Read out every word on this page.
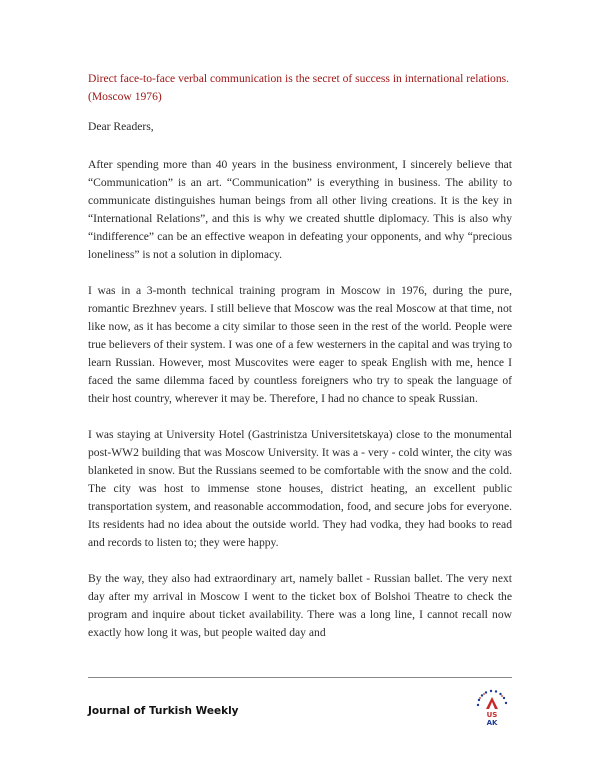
Direct face-to-face verbal communication is the secret of success in international relations. (Moscow 1976)

Dear Readers,

After spending more than 40 years in the business environment, I sincerely believe that “Communication” is an art. “Communication” is everything in business. The ability to communicate distinguishes human beings from all other living creations. It is the key in “International Relations”, and this is why we created shuttle diplomacy. This is also why “indifference” can be an effective weapon in defeating your opponents, and why “precious loneliness” is not a solution in diplomacy.

I was in a 3-month technical training program in Moscow in 1976, during the pure, romantic Brezhnev years. I still believe that Moscow was the real Moscow at that time, not like now, as it has become a city similar to those seen in the rest of the world. People were true believers of their system. I was one of a few westerners in the capital and was trying to learn Russian. However, most Muscovites were eager to speak English with me, hence I faced the same dilemma faced by countless foreigners who try to speak the language of their host country, wherever it may be. Therefore, I had no chance to speak Russian.

I was staying at University Hotel (Gastrinistza Universitetskaya) close to the monumental post-WW2 building that was Moscow University. It was a - very - cold winter, the city was blanketed in snow. But the Russians seemed to be comfortable with the snow and the cold. The city was host to immense stone houses, district heating, an excellent public transportation system, and reasonable accommodation, food, and secure jobs for everyone. Its residents had no idea about the outside world. They had vodka, they had books to read and records to listen to; they were happy.

By the way, they also had extraordinary art, namely ballet - Russian ballet. The very next day after my arrival in Moscow I went to the ticket box of Bolshoi Theatre to check the program and inquire about ticket availability. There was a long line, I cannot recall now exactly how long it was, but people waited day and

Journal of Turkish Weekly	US
AK
